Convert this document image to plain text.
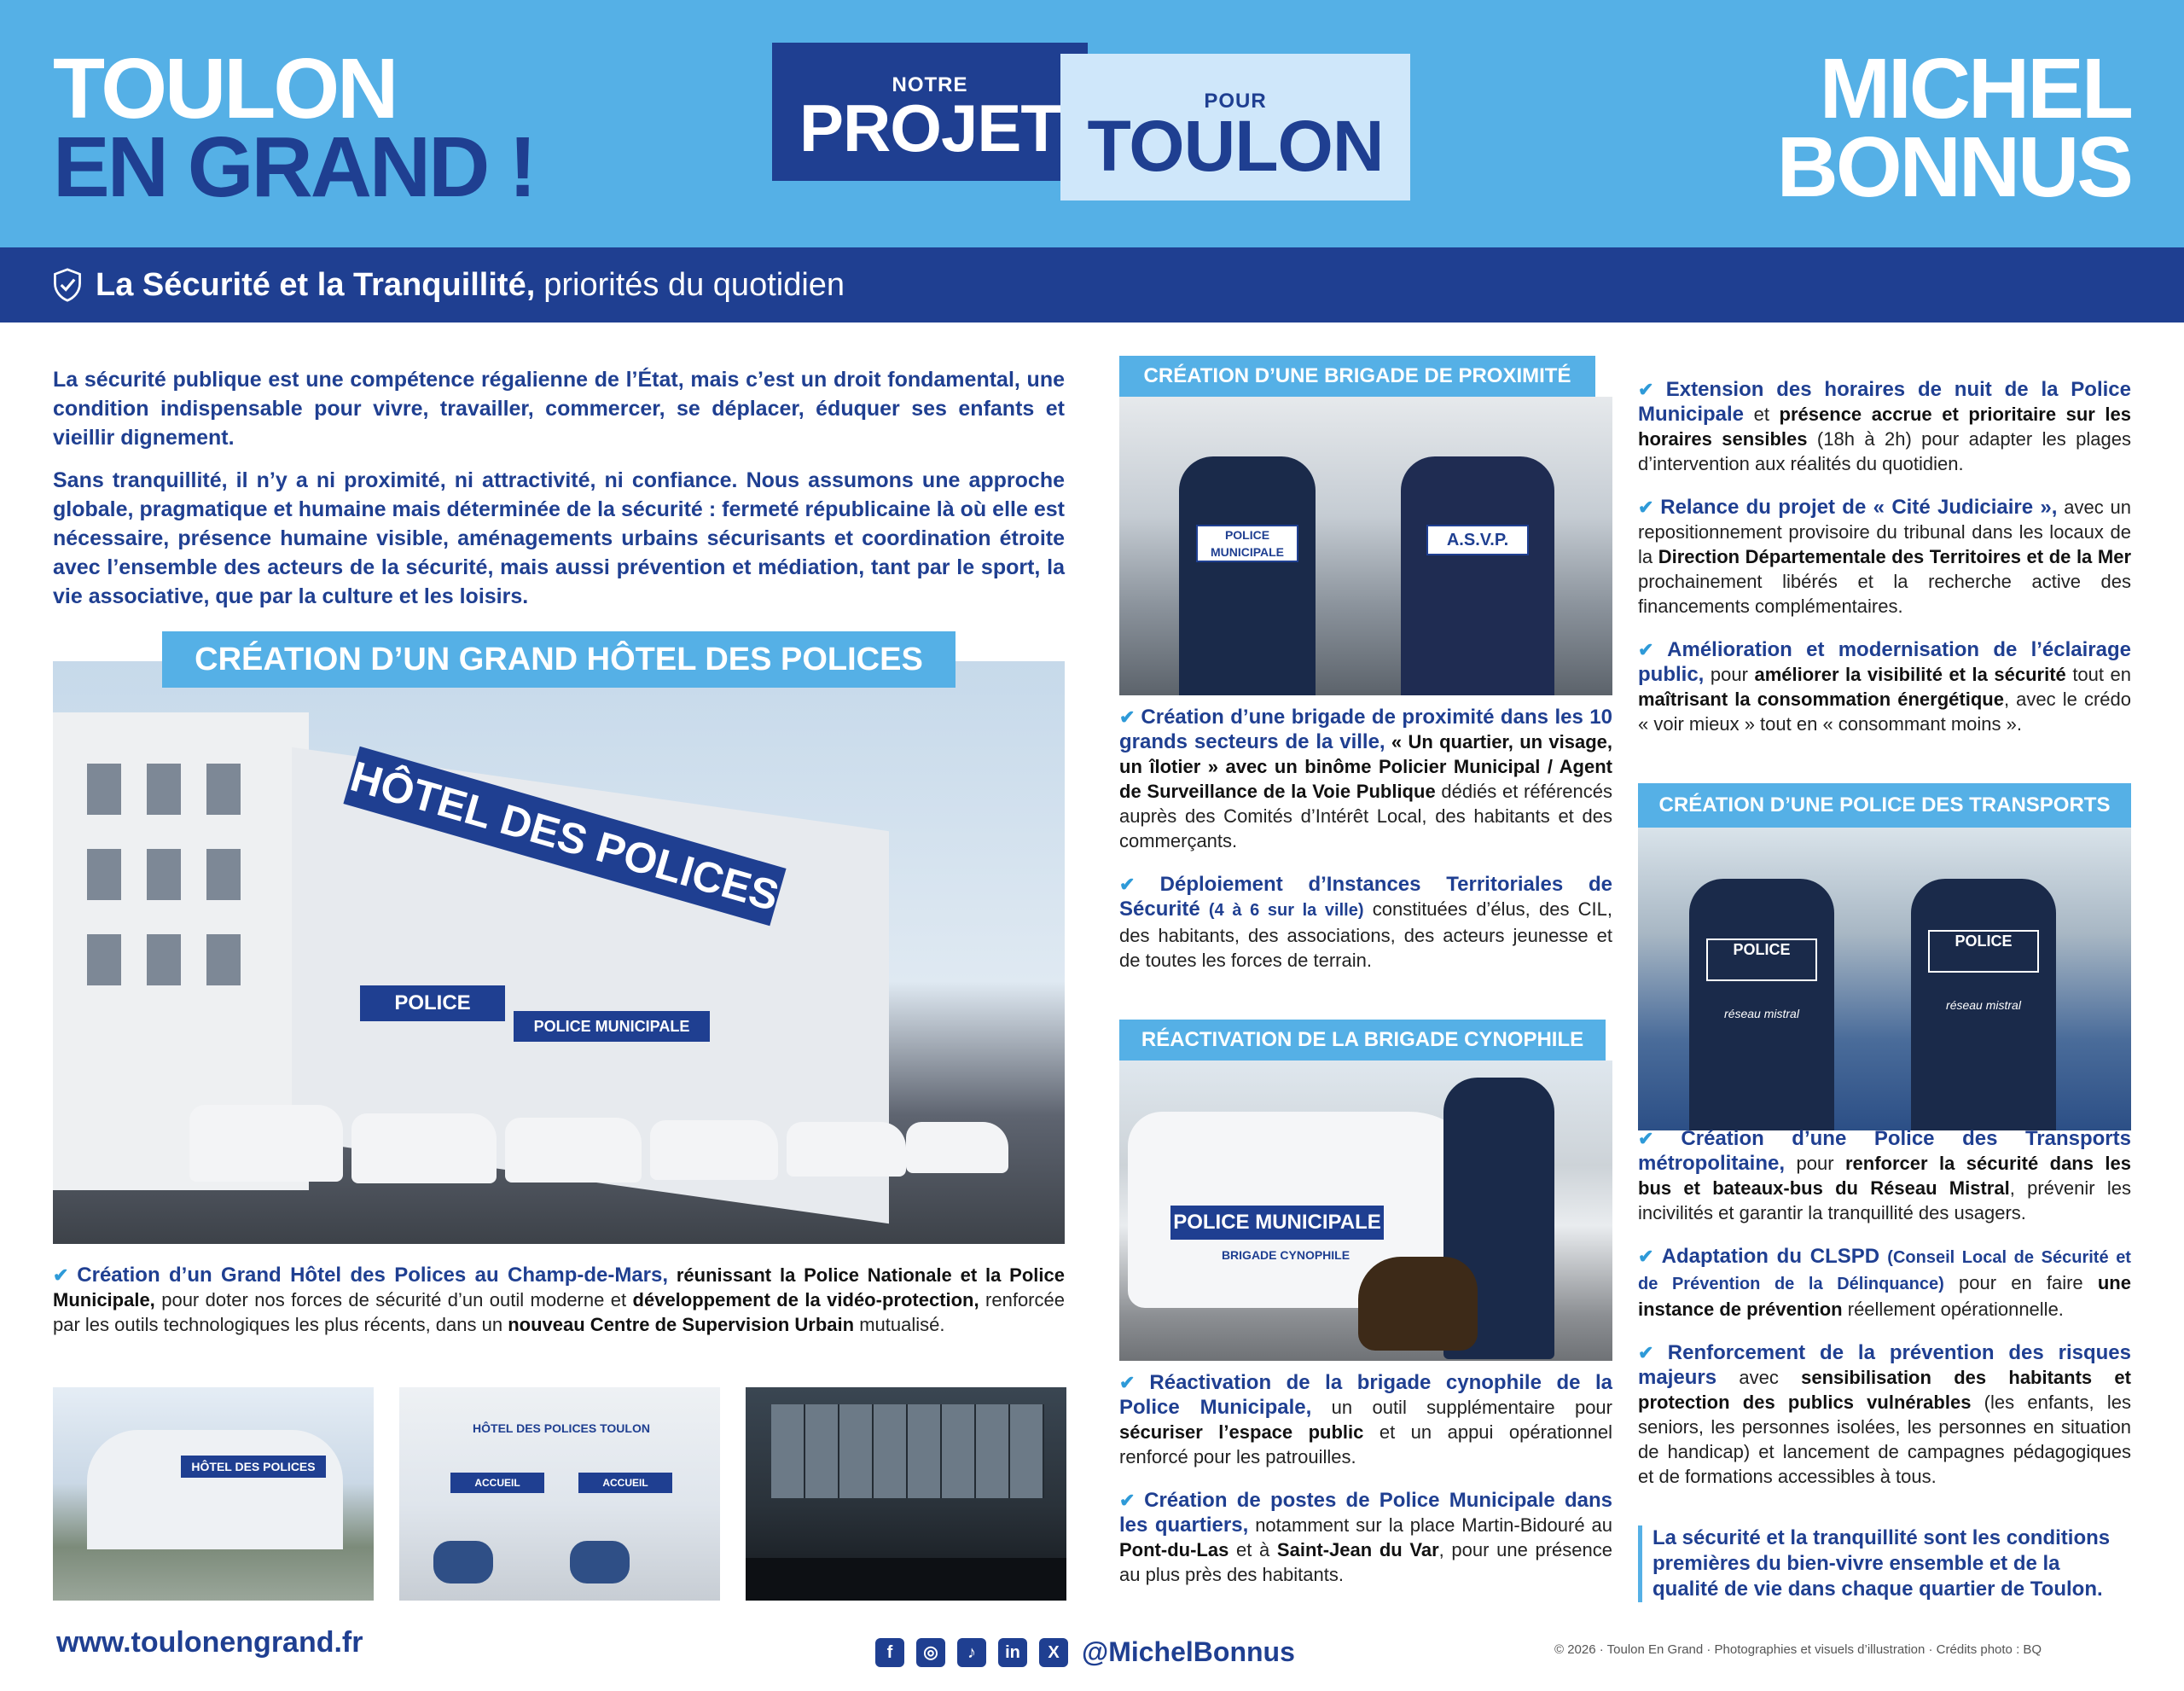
TOULON
EN GRAND !
NOTRE
PROJET	POUR
TOULON
MICHEL
BONNUS
La Sécurité et la Tranquillité, priorités du quotidien

La sécurité publique est une compétence régalienne de l’État, mais c’est un droit fondamental, une condition indispensable pour vivre, travailler, commercer, se déplacer, éduquer ses enfants et vieillir dignement.

Sans tranquillité, il n’y a ni proximité, ni attractivité, ni confiance. Nous assumons une approche globale, pragmatique et humaine mais déterminée de la sécurité : fermeté républicaine là où elle est nécessaire, présence humaine visible, aménagements urbains sécurisants et coordination étroite avec l’ensemble des acteurs de la sécurité, mais aussi prévention et médiation, tant par le sport, la vie associative, que par la culture et les loisirs.

HÔTEL DES POLICES
POLICE
POLICE MUNICIPALE
CRÉATION D’UN GRAND HÔTEL DES POLICES

✔ Création d’un Grand Hôtel des Polices au Champ-de-Mars, réunissant la Police Nationale et la Police Municipale, pour doter nos forces de sécurité d’un outil moderne et développement de la vidéo-protection, renforcée par les outils technologiques les plus récents, dans un nouveau Centre de Supervision Urbain mutualisé.

HÔTEL DES POLICES
HÔTEL DES POLICES TOULON
ACCUEIL	ACCUEIL
POLICE MUNICIPALE
A.S.V.P.
CRÉATION D’UNE BRIGADE DE PROXIMITÉ

✔ Création d’une brigade de proximité dans les 10 grands secteurs de la ville, « Un quartier, un visage, un îlotier » avec un binôme Policier Municipal / Agent de Surveillance de la Voie Publique dédiés et référencés auprès des Comités d’Intérêt Local, des habitants et des commerçants.

✔ Déploiement d’Instances Territoriales de Sécurité (4 à 6 sur la ville) constituées d’élus, des CIL, des habitants, des associations, des acteurs jeunesse et de toutes les forces de terrain.

POLICE MUNICIPALE
BRIGADE CYNOPHILE
RÉACTIVATION DE LA BRIGADE CYNOPHILE

✔ Réactivation de la brigade cynophile de la Police Municipale, un outil supplémentaire pour sécuriser l’espace public et un appui opérationnel renforcé pour les patrouilles.

✔ Création de postes de Police Municipale dans les quartiers, notamment sur la place Martin-Bidouré au Pont-du-Las et à Saint-Jean du Var, pour une présence au plus près des habitants.

✔ Extension des horaires de nuit de la Police Municipale et présence accrue et prioritaire sur les horaires sensibles (18h à 2h) pour adapter les plages d’intervention aux réalités du quotidien.

✔ Relance du projet de « Cité Judiciaire », avec un repositionnement provisoire du tribunal dans les locaux de la Direction Départementale des Territoires et de la Mer prochainement libérés et la recherche active des financements complémentaires.

✔ Amélioration et modernisation de l’éclairage public, pour améliorer la visibilité et la sécurité tout en maîtrisant la consommation énergétique, avec le crédo « voir mieux » tout en « consommant moins ».

POLICE	POLICE
réseau mistral
réseau mistral
CRÉATION D’UNE POLICE DES TRANSPORTS

✔ Création d’une Police des Transports métropolitaine, pour renforcer la sécurité dans les bus et bateaux-bus du Réseau Mistral, prévenir les incivilités et garantir la tranquillité des usagers.

✔ Adaptation du CLSPD (Conseil Local de Sécurité et de Prévention de la Délinquance) pour en faire une instance de prévention réellement opérationnelle.

✔ Renforcement de la prévention des risques majeurs avec sensibilisation des habitants et protection des publics vulnérables (les enfants, les seniors, les personnes isolées, les personnes en situation de handicap) et lancement de campagnes pédagogiques et de formations accessibles à tous.

La sécurité et la tranquillité sont les conditions premières du bien-vivre ensemble et de la qualité de vie dans chaque quartier de Toulon.
www.toulonengrand.fr	f	◎	♪	in	X @MichelBonnus	© 2026 · Toulon En Grand · Photographies et visuels d’illustration · Crédits photo : BQ
